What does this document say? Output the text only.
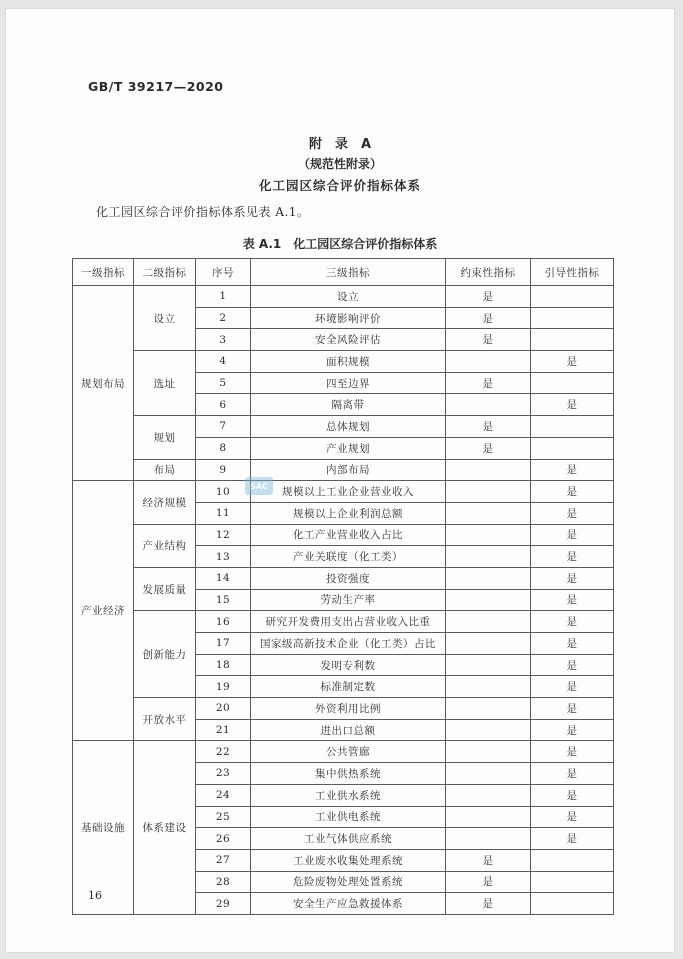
GB/T 39217—2020
附　录　A
（规范性附录）
化工园区综合评价指标体系

化工园区综合评价指标体系见表 A.1。

表 A.1　化工园区综合评价指标体系
一级指标	二级指标	序号	三级指标	约束性指标	引导性指标
规划布局	设立	1	设立	是	
		2	环境影响评价	是	
		3	安全风险评估	是	
	选址	4	面积规模		是
		5	四至边界	是	
		6	隔离带		是
	规划	7	总体规划	是	
		8	产业规划	是	
	布局	9	内部布局		是
产业经济	经济规模	10	规模以上工业企业营业收入		是
		11	规模以上企业利润总额		是
	产业结构	12	化工产业营业收入占比		是
		13	产业关联度（化工类）		是
	发展质量	14	投资强度		是
		15	劳动生产率		是
	创新能力	16	研究开发费用支出占营业收入比重		是
		17	国家级高新技术企业（化工类）占比		是
		18	发明专利数		是
		19	标准制定数		是
	开放水平	20	外资利用比例		是
		21	进出口总额		是
基础设施	体系建设	22	公共管廊		是
		23	集中供热系统		是
		24	工业供水系统		是
		25	工业供电系统		是
		26	工业气体供应系统		是
		27	工业废水收集处理系统	是	
		28	危险废物处理处置系统	是	
		29	安全生产应急救援体系	是	
SAC
16
